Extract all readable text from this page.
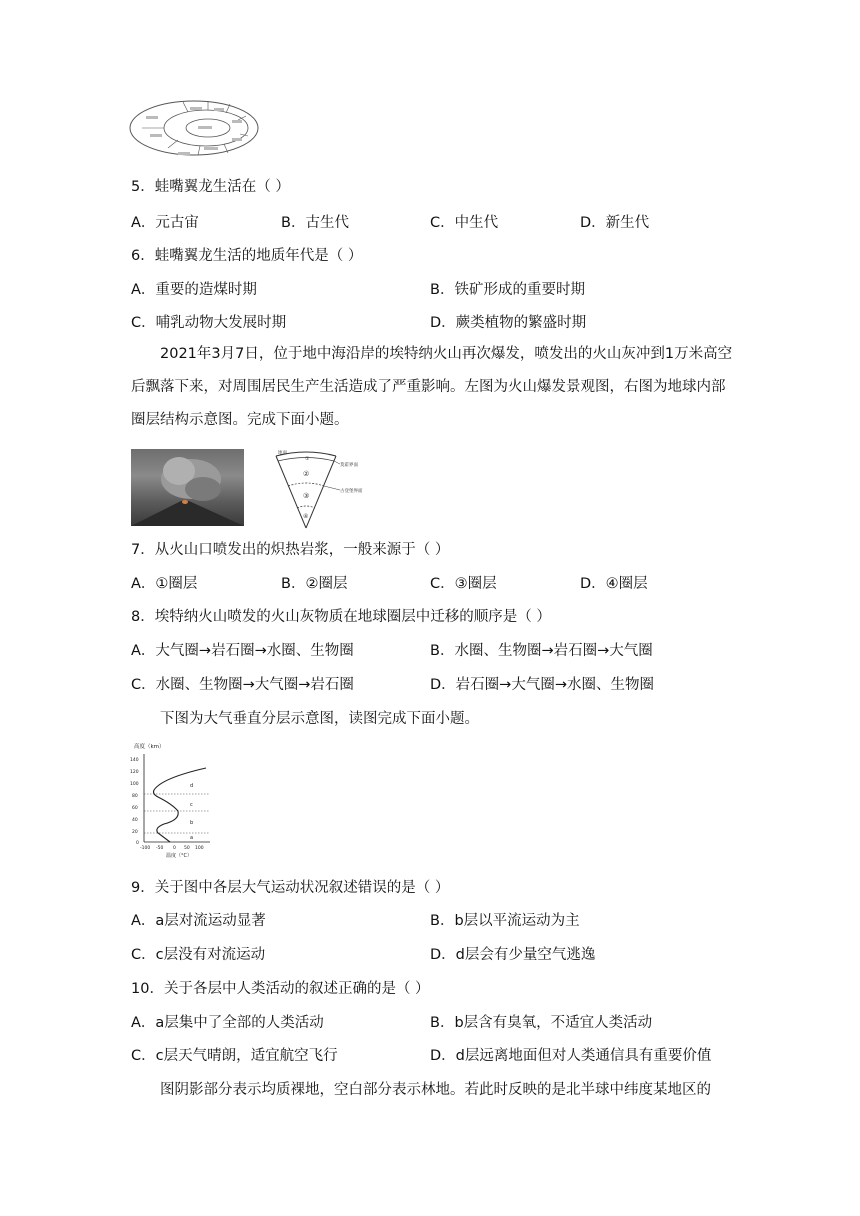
5．蛙嘴翼龙生活在（ ）
A．元古宙	B．古生代	C．中生代	D．新生代
6．蛙嘴翼龙生活的地质年代是（ ）
A．重要的造煤时期	B．铁矿形成的重要时期
C．哺乳动物大发展时期	D．蕨类植物的繁盛时期
2021年3月7日，位于地中海沿岸的埃特纳火山再次爆发，喷发出的火山灰冲到1万米高空后飘落下来，对周围居民生产生活造成了严重影响。左图为火山爆发景观图，右图为地球内部圈层结构示意图。完成下面小题。
地面
①
②
③
④
莫霍界面
古登堡界面
7．从火山口喷发出的炽热岩浆，一般来源于（ ）
A．①圈层	B．②圈层	C．③圈层	D．④圈层
8．埃特纳火山喷发的火山灰物质在地球圈层中迁移的顺序是（ ）
A．大气圈→岩石圈→水圈、生物圈	B．水圈、生物圈→岩石圈→大气圈
C．水圈、生物圈→大气圈→岩石圈	D．岩石圈→大气圈→水圈、生物圈
下图为大气垂直分层示意图，读图完成下面小题。
高度（km）
140
120
100
80
60
40
20
0
d
c
b
a
-100 -50 0 50 100
温度（°C）
9．关于图中各层大气运动状况叙述错误的是（ ）
A．a层对流运动显著	B．b层以平流运动为主
C．c层没有对流运动	D．d层会有少量空气逃逸
10．关于各层中人类活动的叙述正确的是（ ）
A．a层集中了全部的人类活动	B．b层含有臭氧，不适宜人类活动
C．c层天气晴朗，适宜航空飞行	D．d层远离地面但对人类通信具有重要价值
图阴影部分表示均质裸地，空白部分表示林地。若此时反映的是北半球中纬度某地区的
